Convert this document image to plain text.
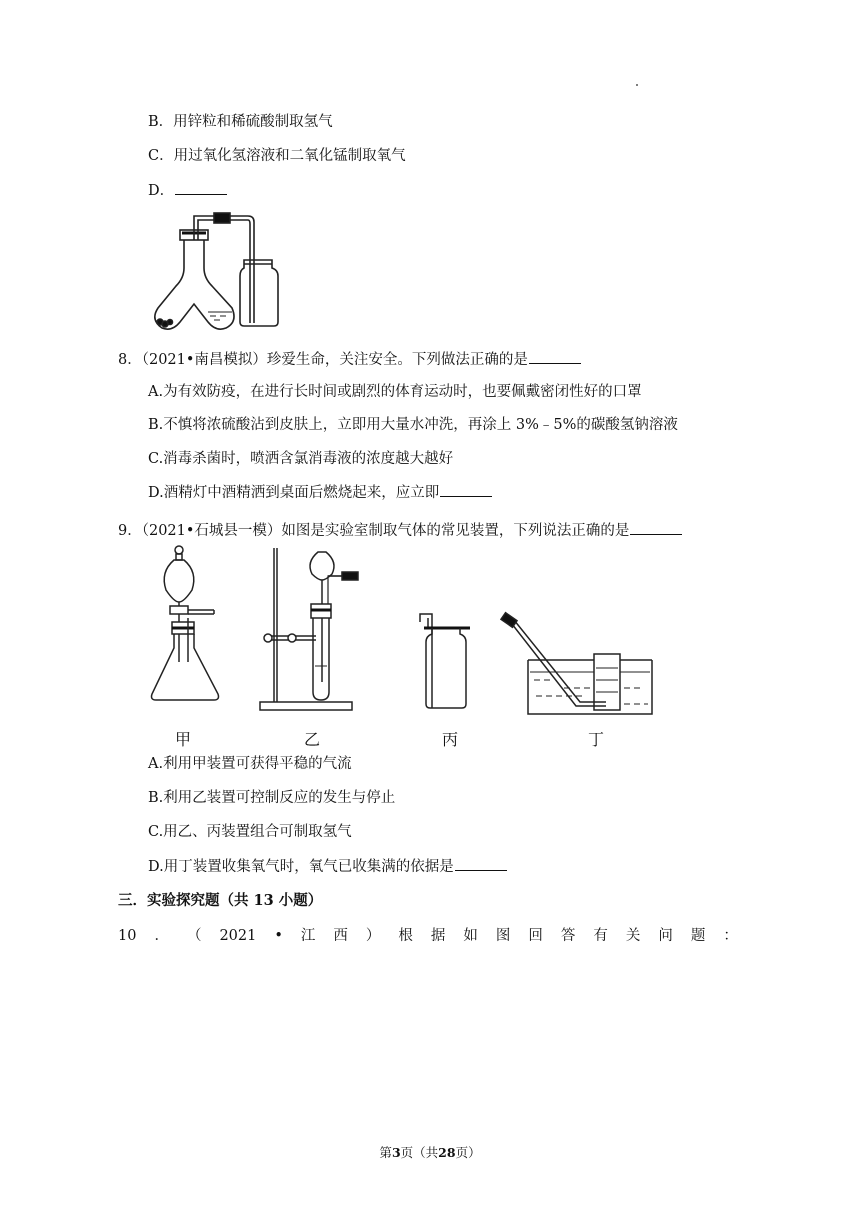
B．用锌粒和稀硫酸制取氢气
C．用过氧化氢溶液和二氧化锰制取氧气
D．
8．（2021•南昌模拟）珍爱生命，关注安全。下列做法正确的是
A.为有效防疫，在进行长时间或剧烈的体育运动时，也要佩戴密闭性好的口罩
B.不慎将浓硫酸沾到皮肤上，立即用大量水冲洗，再涂上 3%﹣5%的碳酸氢钠溶液
C.消毒杀菌时，喷洒含氯消毒液的浓度越大越好
D.酒精灯中酒精洒到桌面后燃烧起来，应立即
9．（2021•石城县一模）如图是实验室制取气体的常见装置，下列说法正确的是
甲	乙	丙	丁
A.利用甲装置可获得平稳的气流
B.利用乙装置可控制反应的发生与停止
C.用乙、丙装置组合可制取氢气
D.用丁装置收集氧气时，氧气已收集满的依据是
三．实验探究题（共 13 小题）
10 ． （ 2021 • 江 西 ） 根 据 如 图 回 答 有 关 问 题 ：
第3页（共28页）
